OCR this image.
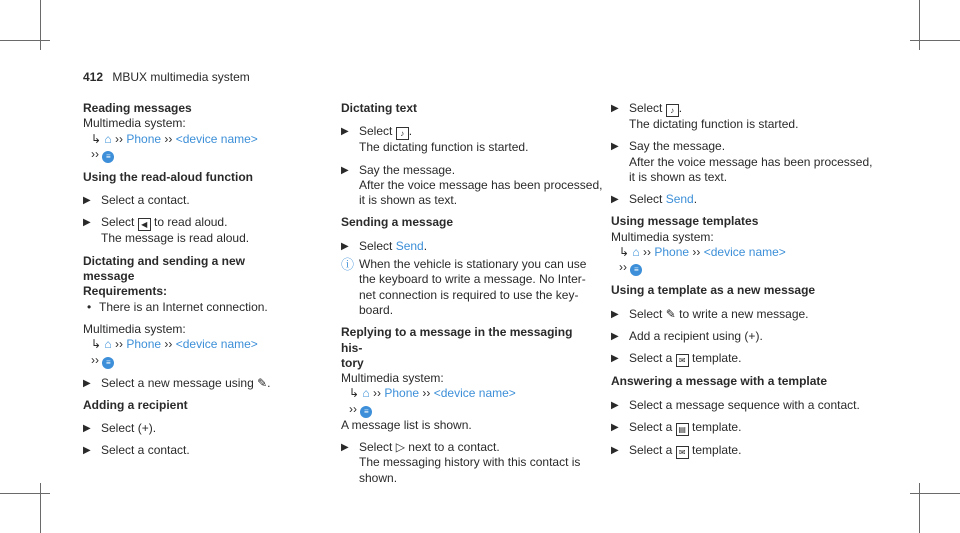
412 MBUX multimedia system
Reading messages
Multimedia system:
↳ ⌂ ›› Phone ›› <device name>
›› ≡
Using the read-aloud function
▶ Select a contact.
▶ Select ◀ to read aloud.
The message is read aloud.
Dictating and sending a new message
Requirements:
• There is an Internet connection.
Multimedia system:
↳ ⌂ ›› Phone ›› <device name>
›› ≡
▶ Select a new message using ✎.
Adding a recipient
▶ Select (+).
▶ Select a contact.
Dictating text
▶ Select ♪ .
The dictating function is started.
▶ Say the message.
After the voice message has been processed,
it is shown as text.
Sending a message
▶ Select Send.
ⓘ When the vehicle is stationary you can use
the keyboard to write a message. No Inter-
net connection is required to use the key-
board.
Replying to a message in the messaging his-
tory
Multimedia system:
↳ ⌂ ›› Phone ›› <device name>
›› ≡
A message list is shown.
▶ Select ▷ next to a contact.
The messaging history with this contact is
shown.
▶ Select ♪ .
The dictating function is started.
▶ Say the message.
After the voice message has been processed,
it is shown as text.
▶ Select Send.
Using message templates
Multimedia system:
↳ ⌂ ›› Phone ›› <device name>
›› ≡
Using a template as a new message
▶ Select ✎ to write a new message.
▶ Add a recipient using (+).
▶ Select a ✉ template.
Answering a message with a template
▶ Select a message sequence with a contact.
▶ Select a ▤ template.
▶ Select a ✉ template.
